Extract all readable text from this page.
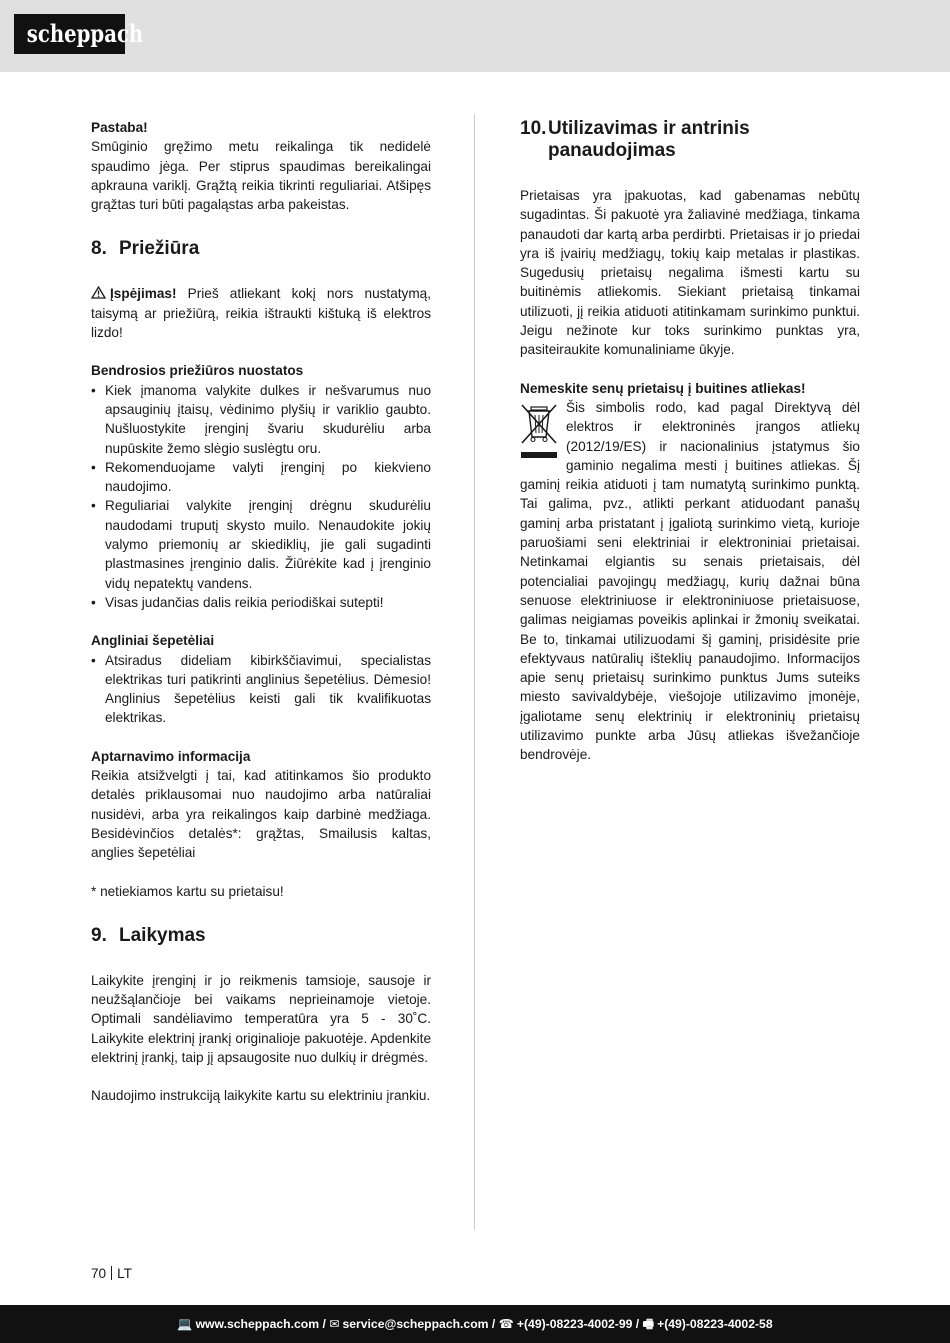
scheppach

Pastaba!

Smūginio gręžimo metu reikalinga tik nedidelė spaudimo jėga. Per stiprus spaudimas bereikalingai apkrauna variklį. Grąžtą reikia tikrinti reguliariai. Atšipęs grąžtas turi būti pagaląstas arba pakeistas.

8. Priežiūra

Įspėjimas! Prieš atliekant kokį nors nustatymą, taisymą ar priežiūrą, reikia ištraukti kištuką iš elektros lizdo!

Bendrosios priežiūros nuostatos

• Kiek įmanoma valykite dulkes ir nešvarumus nuo apsauginių įtaisų, vėdinimo plyšių ir variklio gaubto. Nušluostykite įrenginį švariu skudurėliu arba nupūskite žemo slėgio suslėgtu oru.
• Rekomenduojame valyti įrenginį po kiekvieno naudojimo.
• Reguliariai valykite įrenginį drėgnu skudurėliu naudodami truputį skysto muilo. Nenaudokite jokių valymo priemonių ar skiediklių, jie gali sugadinti plastmasines įrenginio dalis. Žiūrėkite kad į įrenginio vidų nepatektų vandens.
• Visas judančias dalis reikia periodiškai sutepti!

Angliniai šepetėliai

• Atsiradus dideliam kibirkščiavimui, specialistas elektrikas turi patikrinti anglinius šepetėlius. Dėmesio! Anglinius šepetėlius keisti gali tik kvalifikuotas elektrikas.

Aptarnavimo informacija

Reikia atsižvelgti į tai, kad atitinkamos šio produkto detalės priklausomai nuo naudojimo arba natūraliai nusidėvi, arba yra reikalingos kaip darbinė medžiaga. Besidėvinčios detalės*: grąžtas, Smailusis kaltas, anglies šepetėliai

* netiekiamos kartu su prietaisu!

9. Laikymas

Laikykite įrenginį ir jo reikmenis tamsioje, sausoje ir neužšąlančioje bei vaikams neprieinamoje vietoje. Optimali sandėliavimo temperatūra yra 5 - 30˚C. Laikykite elektrinį įrankį originalioje pakuotėje. Apdenkite elektrinį įrankį, taip jį apsaugosite nuo dulkių ir drėgmės.

Naudojimo instrukciją laikykite kartu su elektriniu įrankiu.

10. Utilizavimas ir antrinis panaudojimas

Prietaisas yra įpakuotas, kad gabenamas nebūtų sugadintas. Ši pakuotė yra žaliavinė medžiaga, tinkama panaudoti dar kartą arba perdirbti. Prietaisas ir jo priedai yra iš įvairių medžiagų, tokių kaip metalas ir plastikas. Sugedusių prietaisų negalima išmesti kartu su buitinėmis atliekomis. Siekiant prietaisą tinkamai utilizuoti, jį reikia atiduoti atitinkamam surinkimo punktui. Jeigu nežinote kur toks surinkimo punktas yra, pasiteiraukite komunaliniame ūkyje.

Nemeskite senų prietaisų į buitines atliekas!

Šis simbolis rodo, kad pagal Direktyvą dėl elektros ir elektroninės įrangos atliekų (2012/19/ES) ir nacionalinius įstatymus šio gaminio negalima mesti į buitines atliekas. Šį gaminį reikia atiduoti į tam numatytą surinkimo punktą. Tai galima, pvz., atlikti perkant atiduodant panašų gaminį arba pristatant į įgaliotą surinkimo vietą, kurioje paruošiami seni elektriniai ir elektroniniai prietaisai. Netinkamai elgiantis su senais prietaisais, dėl potencialiai pavojingų medžiagų, kurių dažnai būna senuose elektriniuose ir elektroniniuose prietaisuose, galimas neigiamas poveikis aplinkai ir žmonių sveikatai. Be to, tinkamai utilizuodami šį gaminį, prisidėsite prie efektyvaus natūralių išteklių panaudojimo. Informacijos apie senų prietaisų surinkimo punktus Jums suteiks miesto savivaldybėje, viešojoje utilizavimo įmonėje, įgaliotame senų elektrinių ir elektroninių prietaisų utilizavimo punkte arba Jūsų atliekas išvežančioje bendrovėje.

70 LT
💻 www.scheppach.com / ✉ service@scheppach.com / ☎ +(49)-08223-4002-99 / 🖷 +(49)-08223-4002-58
